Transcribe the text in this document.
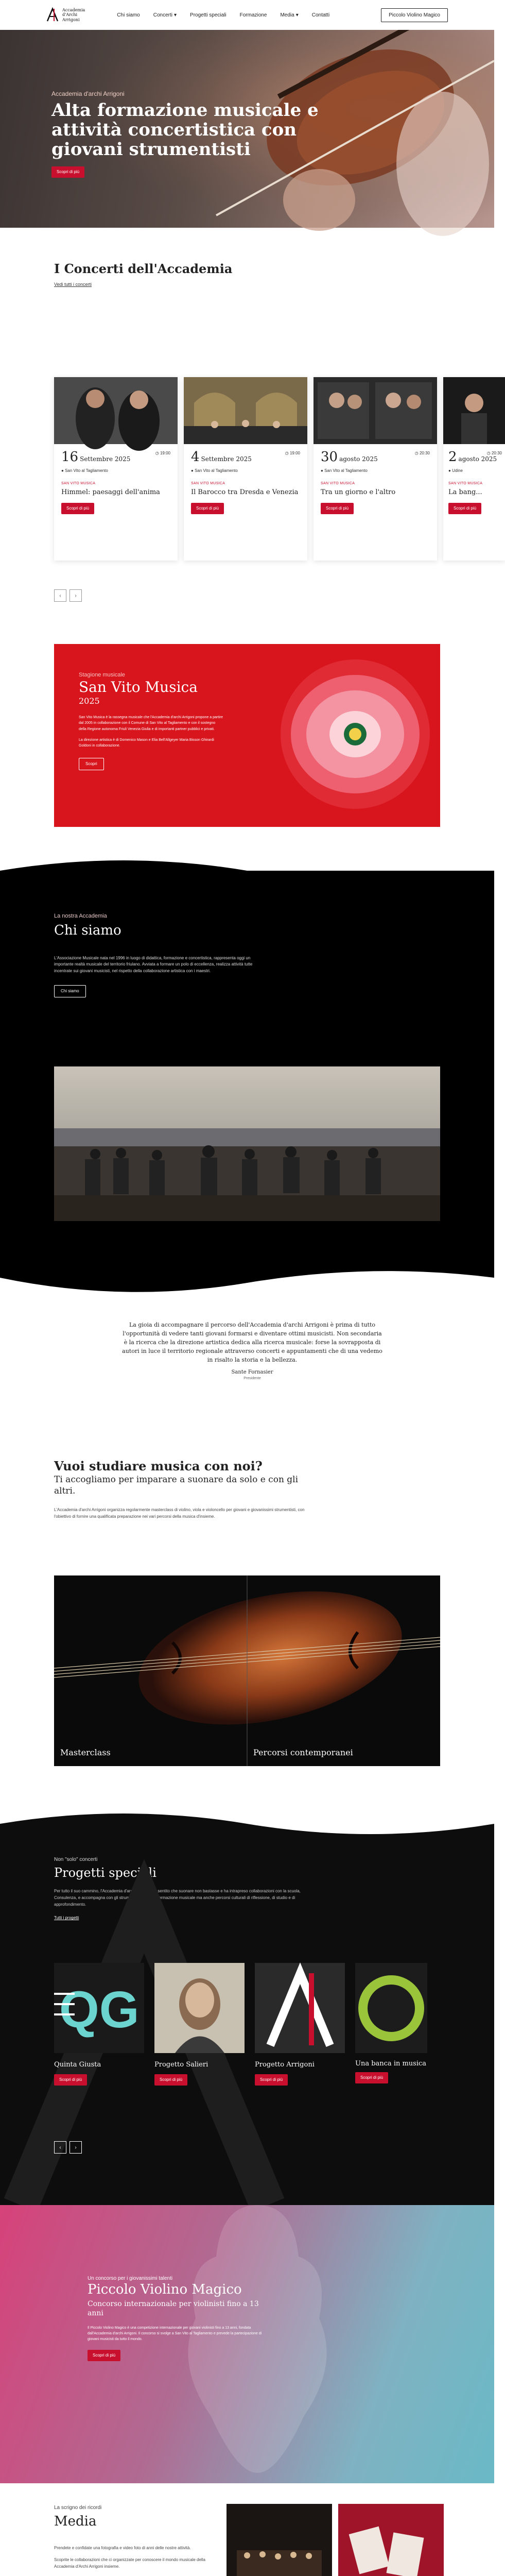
Accademia
d'Archi
Arrigoni
Chi siamo	Concerti ▾	Progetti speciali	Formazione	Media ▾	Contatti	Piccolo Violino Magico
Accademia d'archi Arrigoni
Alta formazione musicale e attività concertistica con giovani strumentisti
Scopri di più
I Concerti dell'Accademia
Vedi tutti i concerti
16 Settembre 2025
◷ 19:00
● San Vito al Tagliamento
SAN VITO MUSICA
Himmel: paesaggi dell'anima
Scopri di più
4 Settembre 2025
◷ 19:00
● San Vito al Tagliamento
SAN VITO MUSICA
Il Barocco tra Dresda e Venezia
Scopri di più
30 agosto 2025
◷ 20:30
● San Vito al Tagliamento
SAN VITO MUSICA
Tra un giorno e l'altro
Scopri di più
2 agosto 2025
◷ 20:30
● Udine
SAN VITO MUSICA
La bang...
Scopri di più
‹	›
Stagione musicale
San Vito Musica
2025

San Vito Musica è la rassegna musicale che l'Accademia d'archi Arrigoni propone a partire dal 2005 in collaborazione con il Comune di San Vito al Tagliamento e con il sostegno della Regione autonoma Friuli Venezia Giulia e di importanti partner pubblici e privati.

La direzione artistica è di Domenico Mason e Elia Bell'Allgeyer Maria Bisson Ghirardi Goldoni in collaborazione.

Scopri
La nostra Accademia
Chi siamo

L'Associazione Musicale nata nel 1996 in luogo di didattica, formazione e concertistica, rappresenta oggi un importante realtà musicale del territorio friulano. Avviata a formare un polo di eccellenza, realizza attività tutte incentrate sui giovani musicisti, nel rispetto della collaborazione artistica con i maestri.

Chi siamo

La gioia di accompagnare il percorso dell'Accademia d'archi Arrigoni è prima di tutto l'opportunità di vedere tanti giovani formarsi e diventare ottimi musicisti. Non secondaria è la ricerca che la direzione artistica dedica alla ricerca musicale: forse la sovrapposta di autori in luce il territorio regionale attraverso concerti e appuntamenti che di una vedemo in risalto la storia e la bellezza.

Sante Fornasier
Presidente
Vuoi studiare musica con noi?
Ti accogliamo per imparare a suonare da solo e con gli altri.

L'Accademia d'archi Arrigoni organizza regolarmente masterclass di violino, viola e violoncello per giovani e giovanissimi strumentisti, con l'obiettivo di fornire una qualificata preparazione nei vari percorsi della musica d'insieme.

Masterclass	Percorsi contemporanei
Non "solo" concerti
Progetti speciali

Per tutto il suo cammino, l'Accademia d'archi Arrigoni ha sentito che suonare non bastasse e ha intrapreso collaborazioni con la scuola, Consulenza, e accompagna con gli strumenti percorsi di formazione musicale ma anche percorsi culturali di riflessione, di studio e di approfondimento.

Tutti i progetti
QG
Quinta Giusta
Scopri di più
Progetto Salieri
Scopri di più
Progetto Arrigoni
Scopri di più
Una banca in musica
Scopri di più
‹	›
Un concorso per i giovanissimi talenti
Piccolo Violino Magico
Concorso internazionale per violinisti fino a 13 anni

Il Piccolo Violino Magico è una competizione internazionale per giovani violinisti fino a 13 anni, fondata dall'Accademia d'archi Arrigoni. Il concorso si svolge a San Vito al Tagliamento e prevede la partecipazione di giovani musicisti da tutto il mondo.

Scopri di più
La scrigno dei ricordi
Media

Prendete e confidate una fotografia e video foto di anni delle nostre attività.

Scoprite le collaborazioni che ci organizzate per conoscere il mondo musicale della Accademia d'Archi Arrigoni insieme.
